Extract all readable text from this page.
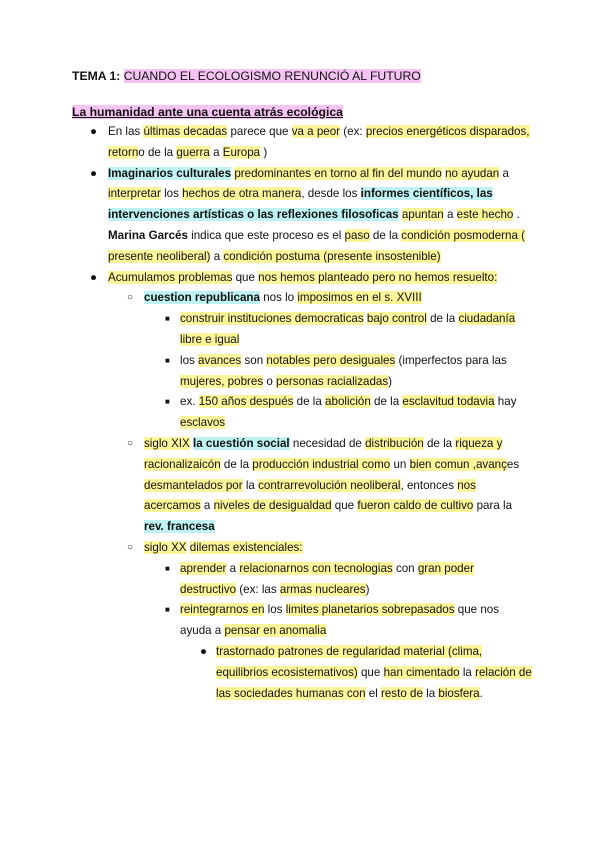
TEMA 1: CUANDO EL ECOLOGISMO RENUNCIÓ AL FUTURO
La humanidad ante una cuenta atrás ecológica
● En las últimas decadas parece que va a peor (ex: precios energéticos disparados, retorno de la guerra a Europa )
● Imaginarios culturales predominantes en torno al fin del mundo no ayudan a interpretar los hechos de otra manera, desde los informes científicos, las intervenciones artísticas o las reflexiones filosoficas apuntan a este hecho . Marina Garcés indica que este proceso es el paso de la condición posmoderna ( presente neoliberal) a condición postuma (presente insostenible)
● Acumulamos problemas que nos hemos planteado pero no hemos resuelto:
○ cuestion republicana nos lo imposimos en el s. XVIII
■ construir instituciones democraticas bajo control de la ciudadanía libre e igual
■ los avances son notables pero desiguales (imperfectos para las mujeres, pobres o personas racializadas)
■ ex. 150 años después de la abolición de la esclavitud todavia hay esclavos
○ siglo XIX la cuestión social necesidad de distribución de la riqueza y racionalizaicón de la producción industrial como un bien comun ,avançes desmantelados por la contrarrevolución neoliberal, entonces nos acercamos a niveles de desigualdad que fueron caldo de cultivo para la rev. francesa
○ siglo XX dilemas existenciales:
■ aprender a relacionarnos con tecnologias con gran poder destructivo (ex: las armas nucleares)
■ reintegrarnos en los limites planetarios sobrepasados que nos ayuda a pensar en anomalia
● trastornado patrones de regularidad material (clima, equilibrios ecosistemativos) que han cimentado la relación de las sociedades humanas con el resto de la biosfera.
